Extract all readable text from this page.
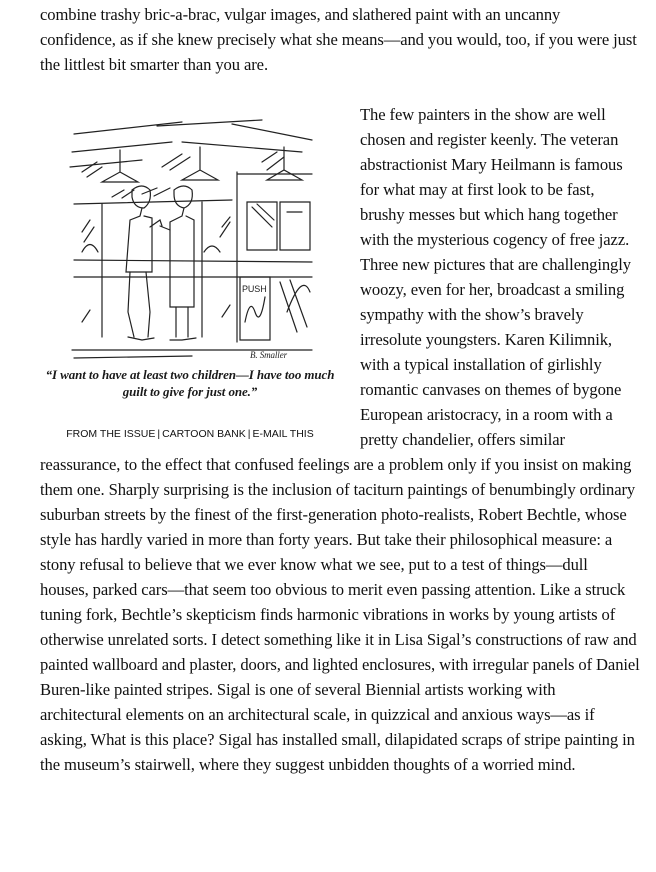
combine trashy bric-a-brac, vulgar images, and slathered paint with an uncanny confidence, as if she knew precisely what she means—and you would, too, if you were just the littlest bit smarter than you are.

PUSH
B. Smaller
“I want to have at least two children—I have too much guilt to give for just one.”
FROM THE ISSUE | CARTOON BANK | E-MAIL THIS

The few painters in the show are well chosen and register keenly. The veteran abstractionist Mary Heilmann is famous for what may at first look to be fast, brushy messes but which hang together with the mysterious cogency of free jazz. Three new pictures that are challengingly woozy, even for her, broadcast a smiling sympathy with the show’s bravely irresolute youngsters. Karen Kilimnik, with a typical installation of girlishly romantic canvases on themes of bygone European aristocracy, in a room with a pretty chandelier, offers similar reassurance, to the effect that confused feelings are a problem only if you insist on making them one. Sharply surprising is the inclusion of taciturn paintings of benumbingly ordinary suburban streets by the finest of the first-generation photo-realists, Robert Bechtle, whose style has hardly varied in more than forty years. But take their philosophical measure: a stony refusal to believe that we ever know what we see, put to a test of things—dull houses, parked cars—that seem too obvious to merit even passing attention. Like a struck tuning fork, Bechtle’s skepticism finds harmonic vibrations in works by young artists of otherwise unrelated sorts. I detect something like it in Lisa Sigal’s constructions of raw and painted wallboard and plaster, doors, and lighted enclosures, with irregular panels of Daniel Buren-like painted stripes. Sigal is one of several Biennial artists working with architectural elements on an architectural scale, in quizzical and anxious ways—as if asking, What is this place? Sigal has installed small, dilapidated scraps of stripe painting in the museum’s stairwell, where they suggest unbidden thoughts of a worried mind.
